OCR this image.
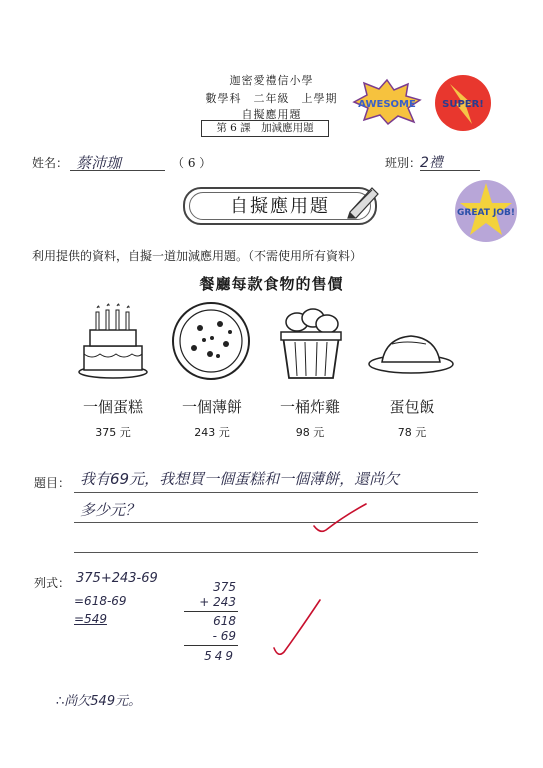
迦密愛禮信小學
數學科　二年級　上學期
自擬應用題
第 6 課　加減應用題
AWESOME	SUPER!
GREAT JOB!
姓名： 蔡沛珈	（ 6 ）	班別：
2禮
自擬應用題
利用提供的資料，自擬一道加減應用題。（不需使用所有資料）
餐廳每款食物的售價
一個蛋糕	一個薄餅	一桶炸雞	蛋包飯
375 元	243 元	98 元	78 元
題目： 我有69元，我想買一個蛋糕和一個薄餅，還尚欠
多少元？
列式： 375+243-69
=618-69
=549
375
+ 243
618
- 69
549
∴尚欠549元。
